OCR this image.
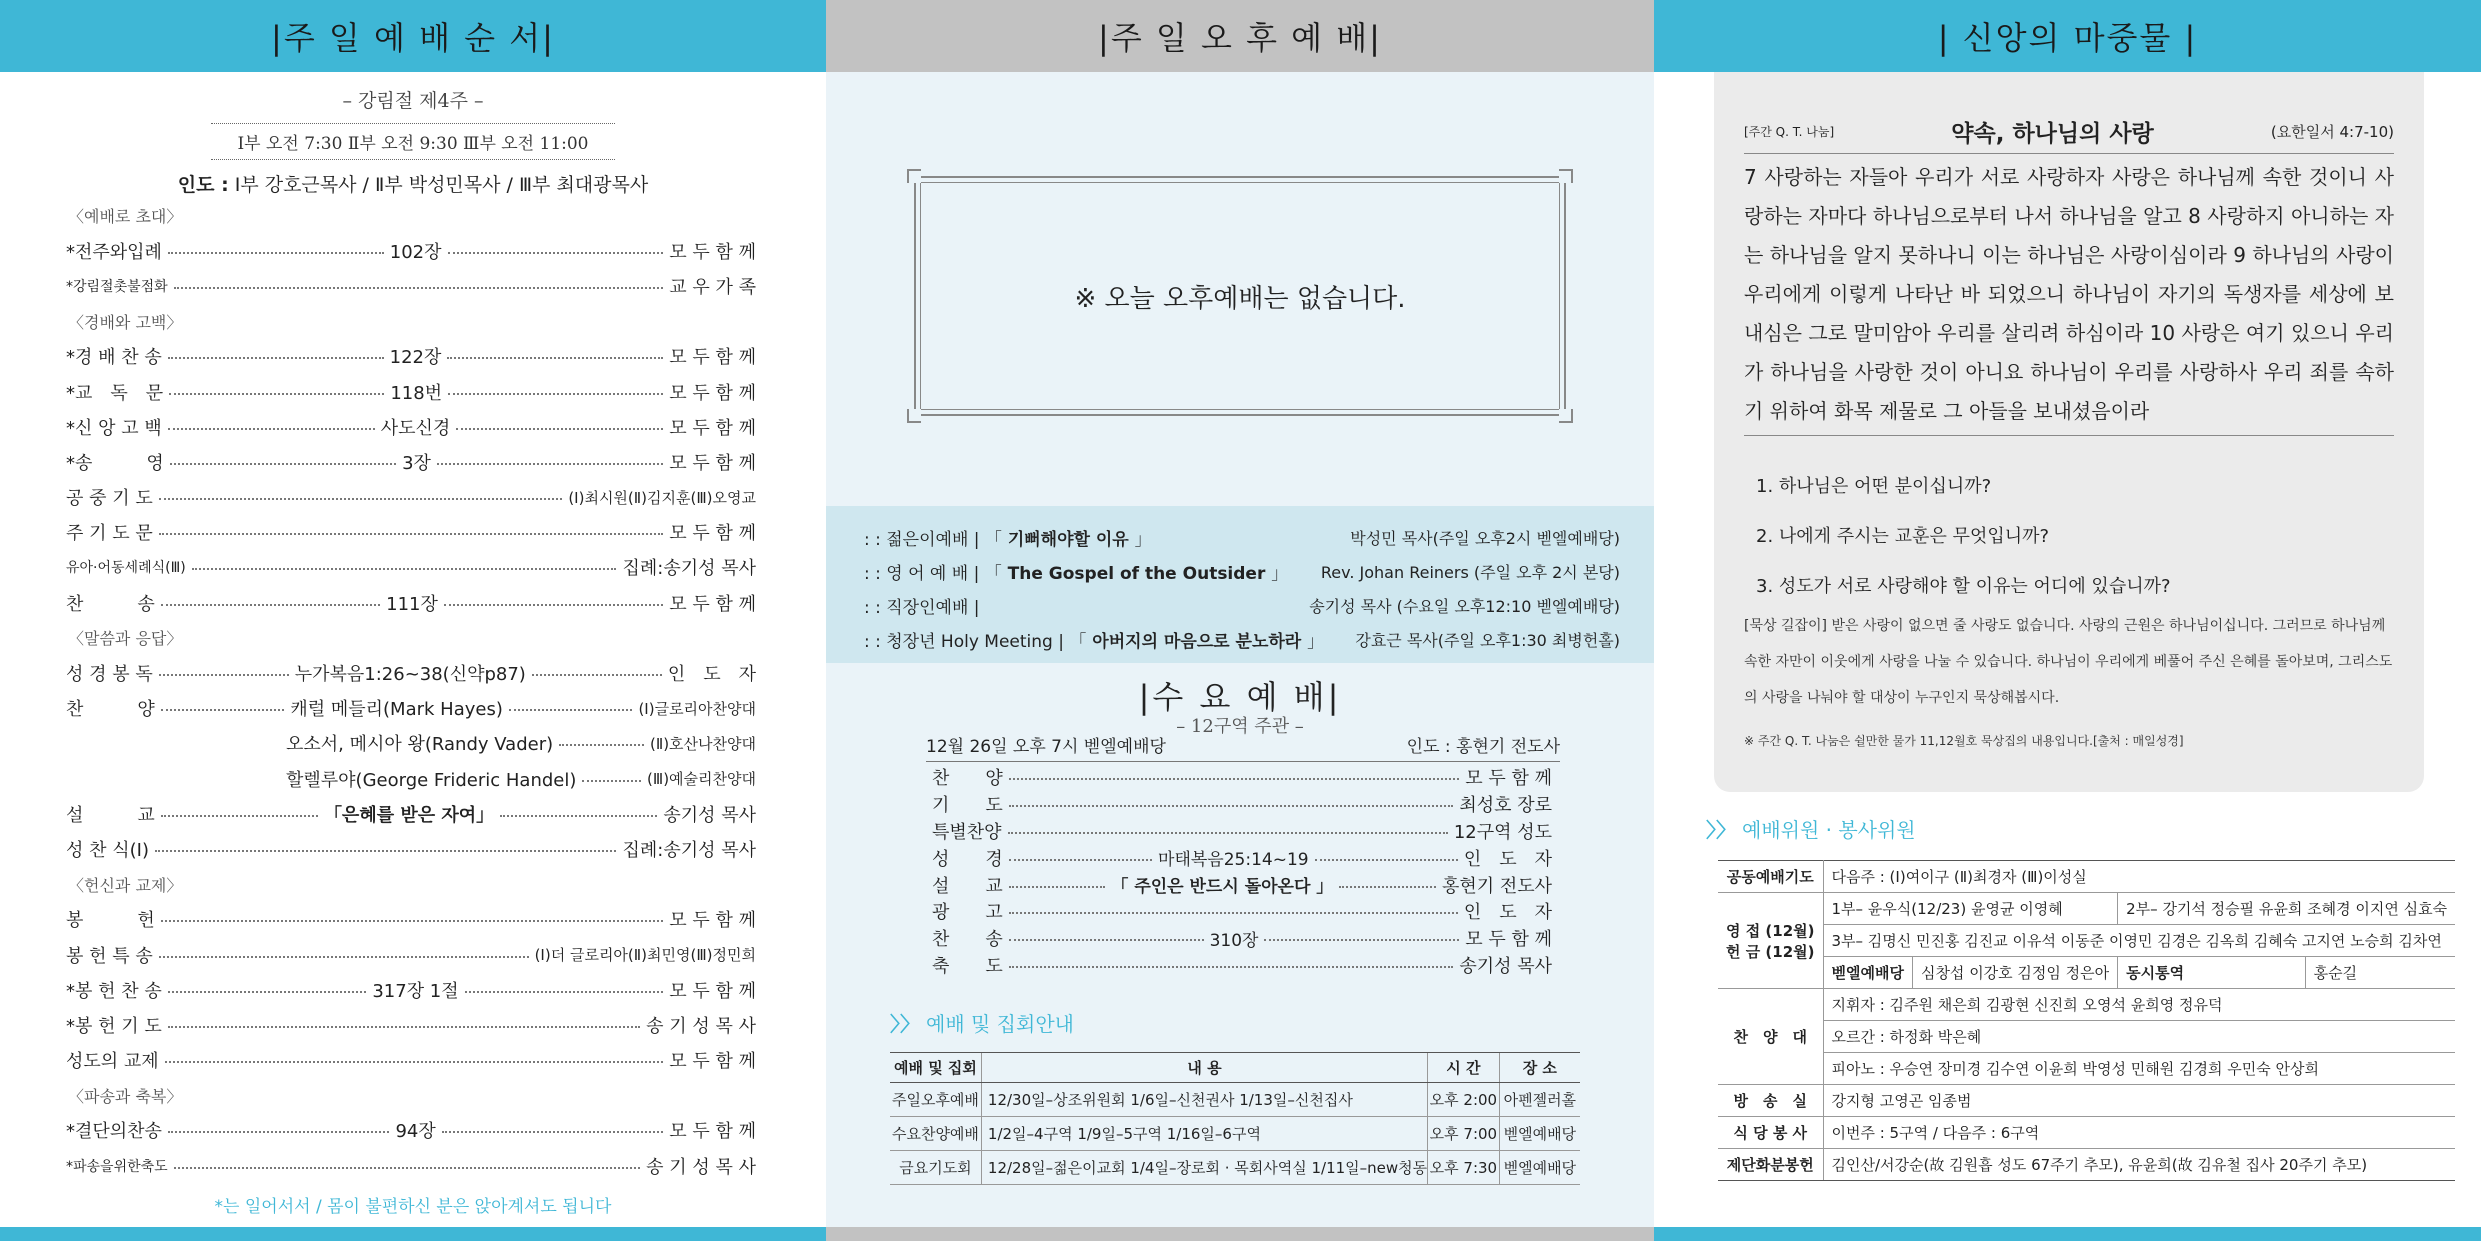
|주 일 예 배 순 서|
– 강림절 제4주 –
Ⅰ부 오전 7:30 Ⅱ부 오전 9:30 Ⅲ부 오전 11:00
인도 : Ⅰ부 강호근목사 / Ⅱ부 박성민목사 / Ⅲ부 최대광목사
〈예배로 초대〉
*전주와입례	102장	모 두 함 께
*강림절촛불점화	교 우 가 족
〈경배와 고백〉
*경 배 찬 송	122장	모 두 함 께
*교　독　문	118번	모 두 함 께
*신 앙 고 백	사도신경	모 두 함 께
*송　　　영	3장	모 두 함 께
공 중 기 도	(Ⅰ)최시원(Ⅱ)김지훈(Ⅲ)오영교
주 기 도 문	모 두 함 께
유아·어동세례식(Ⅲ)	집례:송기성 목사
찬　　　송	111장	모 두 함 께
〈말씀과 응답〉
성 경 봉 독	누가복음1:26~38(신약p87)	인　도　자
찬　　　양	캐럴 메들리(Mark Hayes)	(Ⅰ)글로리아찬양대
오소서, 메시아 왕(Randy Vader)	(Ⅱ)호산나찬양대
할렐루야(George Frideric Handel)	(Ⅲ)예술리찬양대
설　　　교	「은혜를 받은 자여」	송기성 목사
성 찬 식(Ⅰ)	집례:송기성 목사
〈헌신과 교제〉
봉　　　헌	모 두 함 께
봉 헌 특 송	(Ⅰ)더 글로리아(Ⅱ)최민영(Ⅲ)정민희
*봉 헌 찬 송	317장 1절	모 두 함 께
*봉 헌 기 도	송 기 성 목 사
성도의 교제	모 두 함 께
〈파송과 축복〉
*결단의찬송	94장	모 두 함 께
*파송을위한축도	송 기 성 목 사
*는 일어서서 / 몸이 불편하신 분은 앉아계셔도 됩니다
|주 일 오 후 예 배|
※ 오늘 오후예배는 없습니다.
: : 젊은이예배 | 「 기뻐해야할 이유 」	박성민 목사(주일 오후2시 벧엘예배당)
: : 영 어 예 배 | 「 The Gospel of the Outsider 」 Rev. Johan Reiners (주일 오후 2시 본당)
: : 직장인예배 |	송기성 목사 (수요일 오후12:10 벧엘예배당)
: : 청장년 Holy Meeting | 「 아버지의 마음으로 분노하라 」 강효근 목사(주일 오후1:30 최병헌홀)
|수 요 예 배|
– 12구역 주관 –
12월 26일 오후 7시 벧엘예배당	인도 : 홍현기 전도사
찬　　양	모 두 함 께
기　　도	최성호 장로
특별찬양	12구역 성도
성　　경	마태복음25:14~19	인　도　자
설　　교	「 주인은 반드시 돌아온다 」	홍현기 전도사
광　　고	인　도　자
찬　　송	310장	모 두 함 께
축　　도	송기성 목사
〉〉 예배 및 집회안내
예배 및 집회	내 용	시 간	장 소
주일오후예배	12/30일–상조위원회 1/6일–신천권사 1/13일–신천집사	오후 2:00	아펜젤러홀
수요찬양예배	1/2일–4구역 1/9일–5구역 1/16일–6구역	오후 7:00	벧엘예배당
금요기도회	12/28일–젊은이교회 1/4일–장로회 · 목회사역실 1/11일–new청동	오후 7:30	벧엘예배당
| 신앙의 마중물 |
[주간 Q. T. 나눔]	약속, 하나님의 사랑	(요한일서 4:7-10)
7 사랑하는 자들아 우리가 서로 사랑하자 사랑은 하나님께 속한 것이니 사랑하는 자마다 하나님으로부터 나서 하나님을 알고 8 사랑하지 아니하는 자는 하나님을 알지 못하나니 이는 하나님은 사랑이심이라 9 하나님의 사랑이 우리에게 이렇게 나타난 바 되었으니 하나님이 자기의 독생자를 세상에 보내심은 그로 말미암아 우리를 살리려 하심이라 10 사랑은 여기 있으니 우리가 하나님을 사랑한 것이 아니요 하나님이 우리를 사랑하사 우리 죄를 속하기 위하여 화목 제물로 그 아들을 보내셨음이라
1. 하나님은 어떤 분이십니까?
2. 나에게 주시는 교훈은 무엇입니까?
3. 성도가 서로 사랑해야 할 이유는 어디에 있습니까?
[묵상 길잡이] 받은 사랑이 없으면 줄 사랑도 없습니다. 사랑의 근원은 하나님이십니다. 그러므로 하나님께 속한 자만이 이웃에게 사랑을 나눌 수 있습니다. 하나님이 우리에게 베풀어 주신 은혜를 돌아보며, 그리스도의 사랑을 나눠야 할 대상이 누구인지 묵상해봅시다.
※ 주간 Q. T. 나눔은 쉴만한 물가 11,12월호 묵상집의 내용입니다.[출처 : 매일성경]
〉〉 예배위원 · 봉사위원
공동예배기도	다음주 : (Ⅰ)여이구 (Ⅱ)최경자 (Ⅲ)이성실			
영 접 (12월)
헌 금 (12월)	1부– 윤우식(12/23) 윤영균 이영혜		2부– 강기석 정승필 유윤희 조혜경 이지연 심효숙	
	3부– 김명신 민진홍 김진교 이유석 이동준 이영민 김경은 김옥희 김혜숙 고지연 노승희 김차연			
	벧엘예배당	심창섭 이강호 김정임 정은아	동시통역	홍순길
찬　양　대	지휘자 : 김주원 채은희 김광현 신진희 오영석 윤희영 정유덕			
	오르간 : 하정화 박은혜			
	피아노 : 우승연 장미경 김수연 이윤희 박영성 민해원 김경희 우민숙 안상희			
방　송　실	강지형 고영곤 임종범			
식 당 봉 사	이번주 : 5구역 / 다음주 : 6구역			
제단화분봉헌	김인산/서강순(故 김원흡 성도 67주기 추모), 유윤희(故 김유철 집사 20주기 추모)			
